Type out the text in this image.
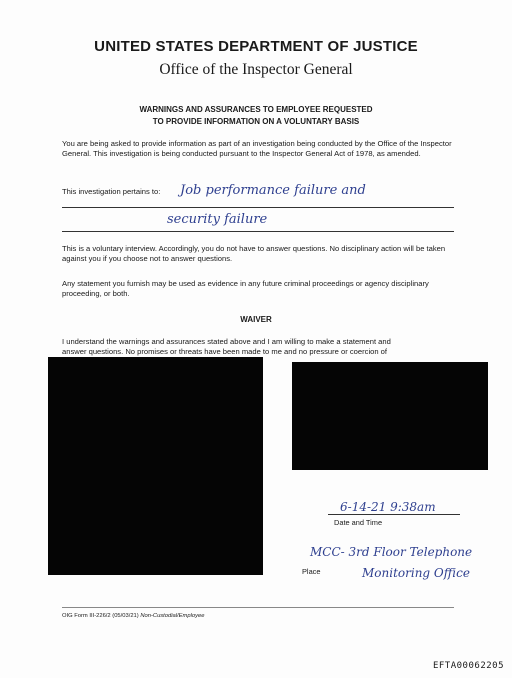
UNITED STATES DEPARTMENT OF JUSTICE
Office of the Inspector General
WARNINGS AND ASSURANCES TO EMPLOYEE REQUESTED
TO PROVIDE INFORMATION ON A VOLUNTARY BASIS
You are being asked to provide information as part of an investigation being conducted by the Office of the Inspector General. This investigation is being conducted pursuant to the Inspector General Act of 1978, as amended.
This investigation pertains to: Job performance failure and
security failure
This is a voluntary interview. Accordingly, you do not have to answer questions. No disciplinary action will be taken against you if you choose not to answer questions.
Any statement you furnish may be used as evidence in any future criminal proceedings or agency disciplinary proceeding, or both.
WAIVER
I understand the warnings and assurances stated above and I am willing to make a statement and
answer questions. No promises or threats have been made to me and no pressure or coercion of
6-14-21 9:38am
Date and Time
MCC- 3rd Floor Telephone
Place	Monitoring Office
OIG Form III-226/2 (05/03/21) Non-Custodial/Employee
EFTA00062205
